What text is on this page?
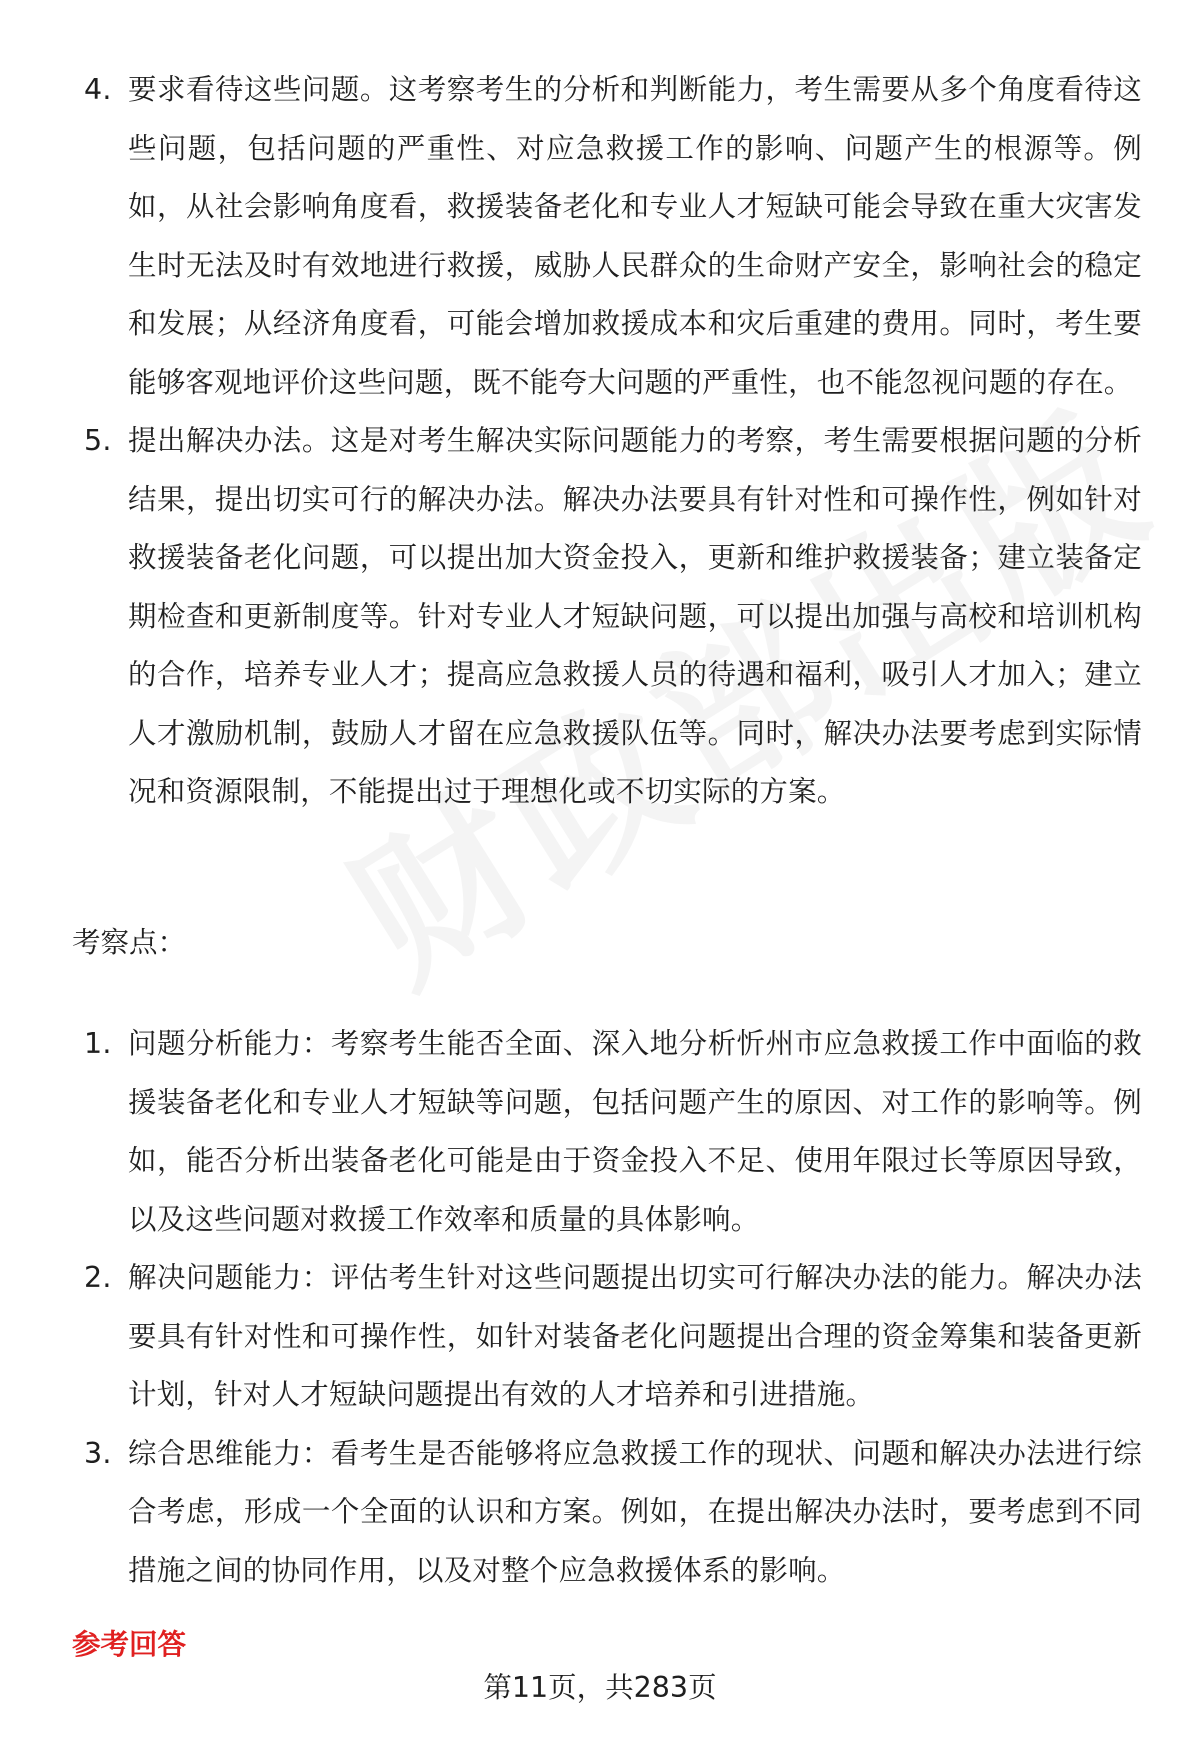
4. 要求看待这些问题。这考察考生的分析和判断能力，考生需要从多个角度看待这些问题，包括问题的严重性、对应急救援工作的影响、问题产生的根源等。例如，从社会影响角度看，救援装备老化和专业人才短缺可能会导致在重大灾害发生时无法及时有效地进行救援，威胁人民群众的生命财产安全，影响社会的稳定和发展；从经济角度看，可能会增加救援成本和灾后重建的费用。同时，考生要能够客观地评价这些问题，既不能夸大问题的严重性，也不能忽视问题的存在。
5. 提出解决办法。这是对考生解决实际问题能力的考察，考生需要根据问题的分析结果，提出切实可行的解决办法。解决办法要具有针对性和可操作性，例如针对救援装备老化问题，可以提出加大资金投入，更新和维护救援装备；建立装备定期检查和更新制度等。针对专业人才短缺问题，可以提出加强与高校和培训机构的合作，培养专业人才；提高应急救援人员的待遇和福利，吸引人才加入；建立人才激励机制，鼓励人才留在应急救援队伍等。同时，解决办法要考虑到实际情况和资源限制，不能提出过于理想化或不切实际的方案。
考察点：
1. 问题分析能力：考察考生能否全面、深入地分析忻州市应急救援工作中面临的救援装备老化和专业人才短缺等问题，包括问题产生的原因、对工作的影响等。例如，能否分析出装备老化可能是由于资金投入不足、使用年限过长等原因导致，以及这些问题对救援工作效率和质量的具体影响。
2. 解决问题能力：评估考生针对这些问题提出切实可行解决办法的能力。解决办法要具有针对性和可操作性，如针对装备老化问题提出合理的资金筹集和装备更新计划，针对人才短缺问题提出有效的人才培养和引进措施。
3. 综合思维能力：看考生是否能够将应急救援工作的现状、问题和解决办法进行综合考虑，形成一个全面的认识和方案。例如，在提出解决办法时，要考虑到不同措施之间的协同作用，以及对整个应急救援体系的影响。
参考回答
第11页，共283页
